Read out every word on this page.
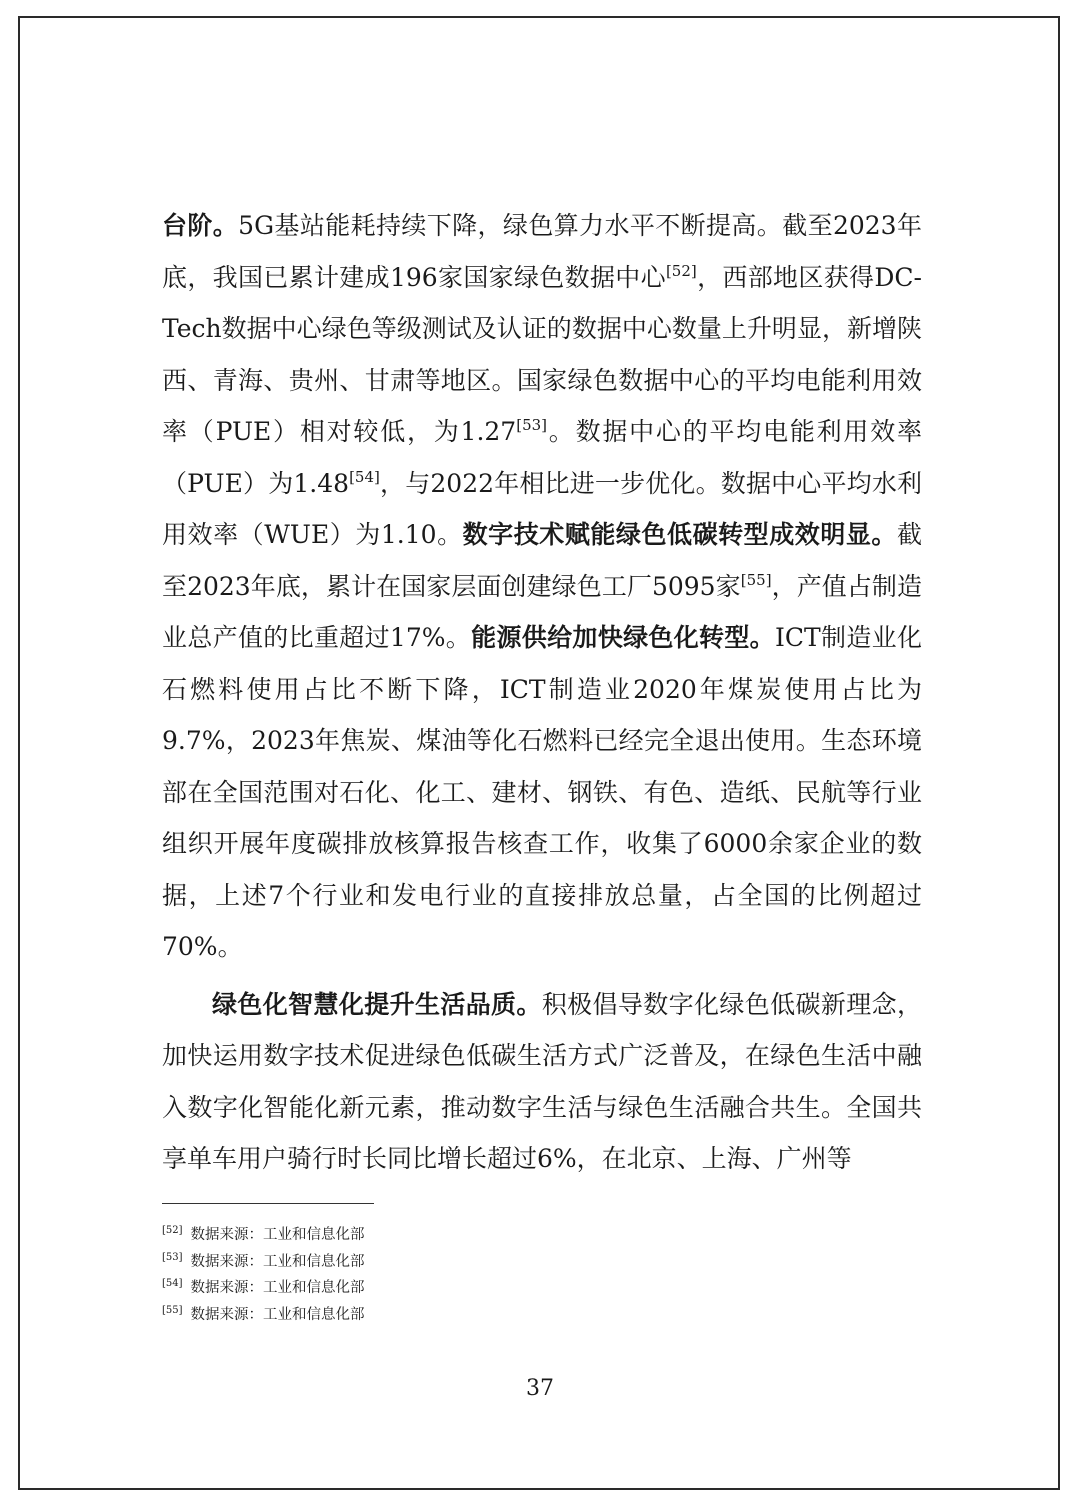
台阶。5G基站能耗持续下降，绿色算力水平不断提高。截至2023年底，我国已累计建成196家国家绿色数据中心[52]，西部地区获得DC-Tech数据中心绿色等级测试及认证的数据中心数量上升明显，新增陕西、青海、贵州、甘肃等地区。国家绿色数据中心的平均电能利用效率（PUE）相对较低，为1.27[53]。数据中心的平均电能利用效率（PUE）为1.48[54]，与2022年相比进一步优化。数据中心平均水利用效率（WUE）为1.10。数字技术赋能绿色低碳转型成效明显。截至2023年底，累计在国家层面创建绿色工厂5095家[55]，产值占制造业总产值的比重超过17%。能源供给加快绿色化转型。ICT制造业化石燃料使用占比不断下降，ICT制造业2020年煤炭使用占比为9.7%，2023年焦炭、煤油等化石燃料已经完全退出使用。生态环境部在全国范围对石化、化工、建材、钢铁、有色、造纸、民航等行业组织开展年度碳排放核算报告核查工作，收集了6000余家企业的数据，上述7个行业和发电行业的直接排放总量，占全国的比例超过70%。

绿色化智慧化提升生活品质。积极倡导数字化绿色低碳新理念，加快运用数字技术促进绿色低碳生活方式广泛普及，在绿色生活中融入数字化智能化新元素，推动数字生活与绿色生活融合共生。全国共享单车用户骑行时长同比增长超过6%，在北京、上海、广州等

[52] 数据来源：工业和信息化部
[53] 数据来源：工业和信息化部
[54] 数据来源：工业和信息化部
[55] 数据来源：工业和信息化部
37
